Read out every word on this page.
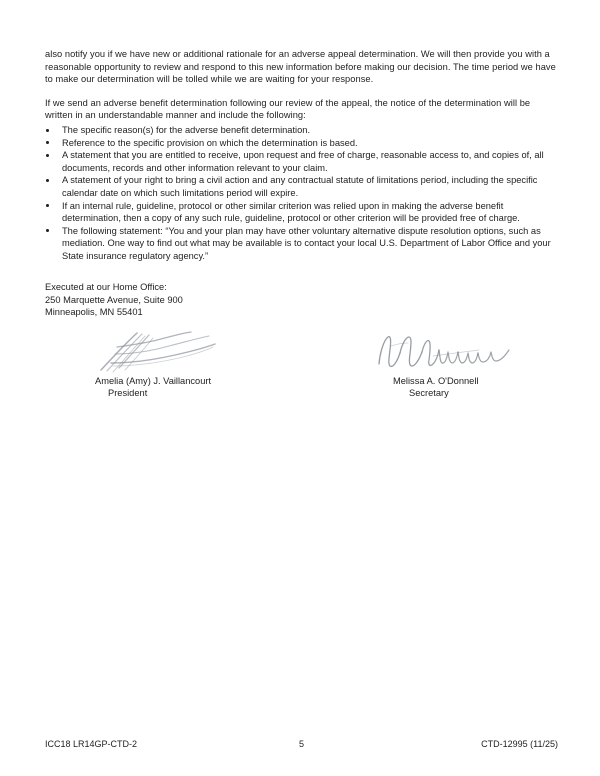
also notify you if we have new or additional rationale for an adverse appeal determination. We will then provide you with a reasonable opportunity to review and respond to this new information before making our decision. The time period we have to make our determination will be tolled while we are waiting for your response.

If we send an adverse benefit determination following our review of the appeal, the notice of the determination will be written in an understandable manner and include the following:

The specific reason(s) for the adverse benefit determination.
Reference to the specific provision on which the determination is based.
A statement that you are entitled to receive, upon request and free of charge, reasonable access to, and copies of, all documents, records and other information relevant to your claim.
A statement of your right to bring a civil action and any contractual statute of limitations period, including the specific calendar date on which such limitations period will expire.
If an internal rule, guideline, protocol or other similar criterion was relied upon in making the adverse benefit determination, then a copy of any such rule, guideline, protocol or other criterion will be provided free of charge.
The following statement: “You and your plan may have other voluntary alternative dispute resolution options, such as mediation. One way to find out what may be available is to contact your local U.S. Department of Labor Office and your State insurance regulatory agency.”
Executed at our Home Office:
250 Marquette Avenue, Suite 900
Minneapolis, MN 55401
Amelia (Amy) J. Vaillancourt
President
Melissa A. O'Donnell
Secretary
ICC18 LR14GP-CTD-2	5	CTD-12995 (11/25)
